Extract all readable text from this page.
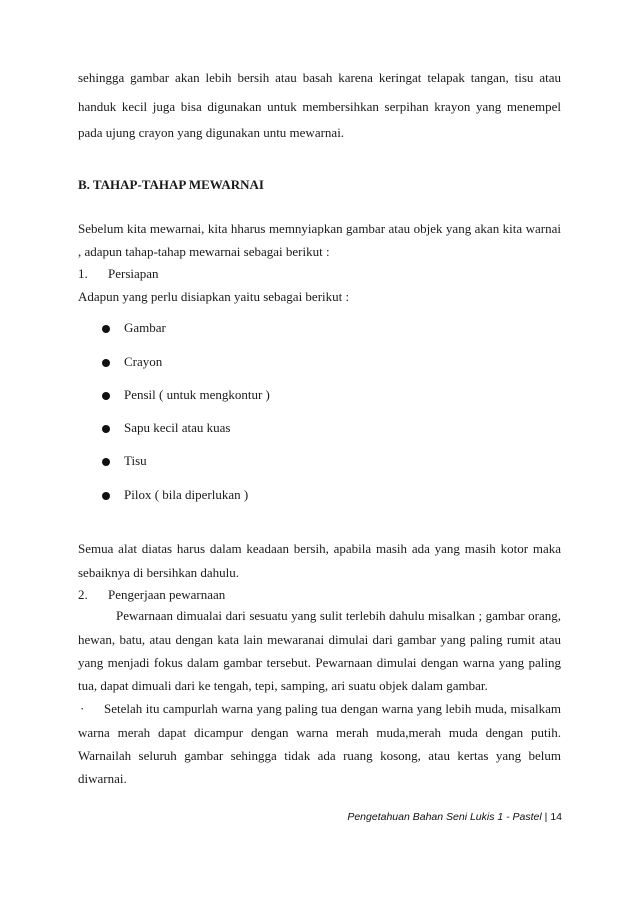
sehingga gambar akan lebih bersih atau basah karena keringat telapak tangan, tisu atau
handuk kecil juga bisa digunakan untuk membersihkan serpihan krayon yang menempel
pada ujung crayon yang digunakan untu mewarnai.
B. TAHAP-TAHAP MEWARNAI
Sebelum kita mewarnai, kita hharus memnyiapkan gambar atau objek yang akan kita warnai
, adapun tahap-tahap mewarnai sebagai berikut :
1. Persiapan
Adapun yang perlu disiapkan yaitu sebagai berikut :
Gambar
Crayon
Pensil ( untuk mengkontur )
Sapu kecil atau kuas
Tisu
Pilox ( bila diperlukan )
Semua alat diatas harus dalam keadaan bersih, apabila masih ada yang masih kotor maka
sebaiknya di bersihkan dahulu.
2. Pengerjaan pewarnaan
Pewarnaan dimualai dari sesuatu yang sulit terlebih dahulu misalkan ; gambar orang,
hewan, batu, atau dengan kata lain mewaranai dimulai dari gambar yang paling rumit atau
yang menjadi fokus dalam gambar tersebut. Pewarnaan dimulai dengan warna yang paling
tua, dapat dimuali dari ke tengah, tepi, samping, ari suatu objek dalam gambar.
· Setelah itu campurlah warna yang paling tua dengan warna yang lebih muda, misalkam
warna merah dapat dicampur dengan warna merah muda,merah muda dengan putih.
Warnailah seluruh gambar sehingga tidak ada ruang kosong, atau kertas yang belum
diwarnai.
Pengetahuan Bahan Seni Lukis 1 - Pastel | 14
